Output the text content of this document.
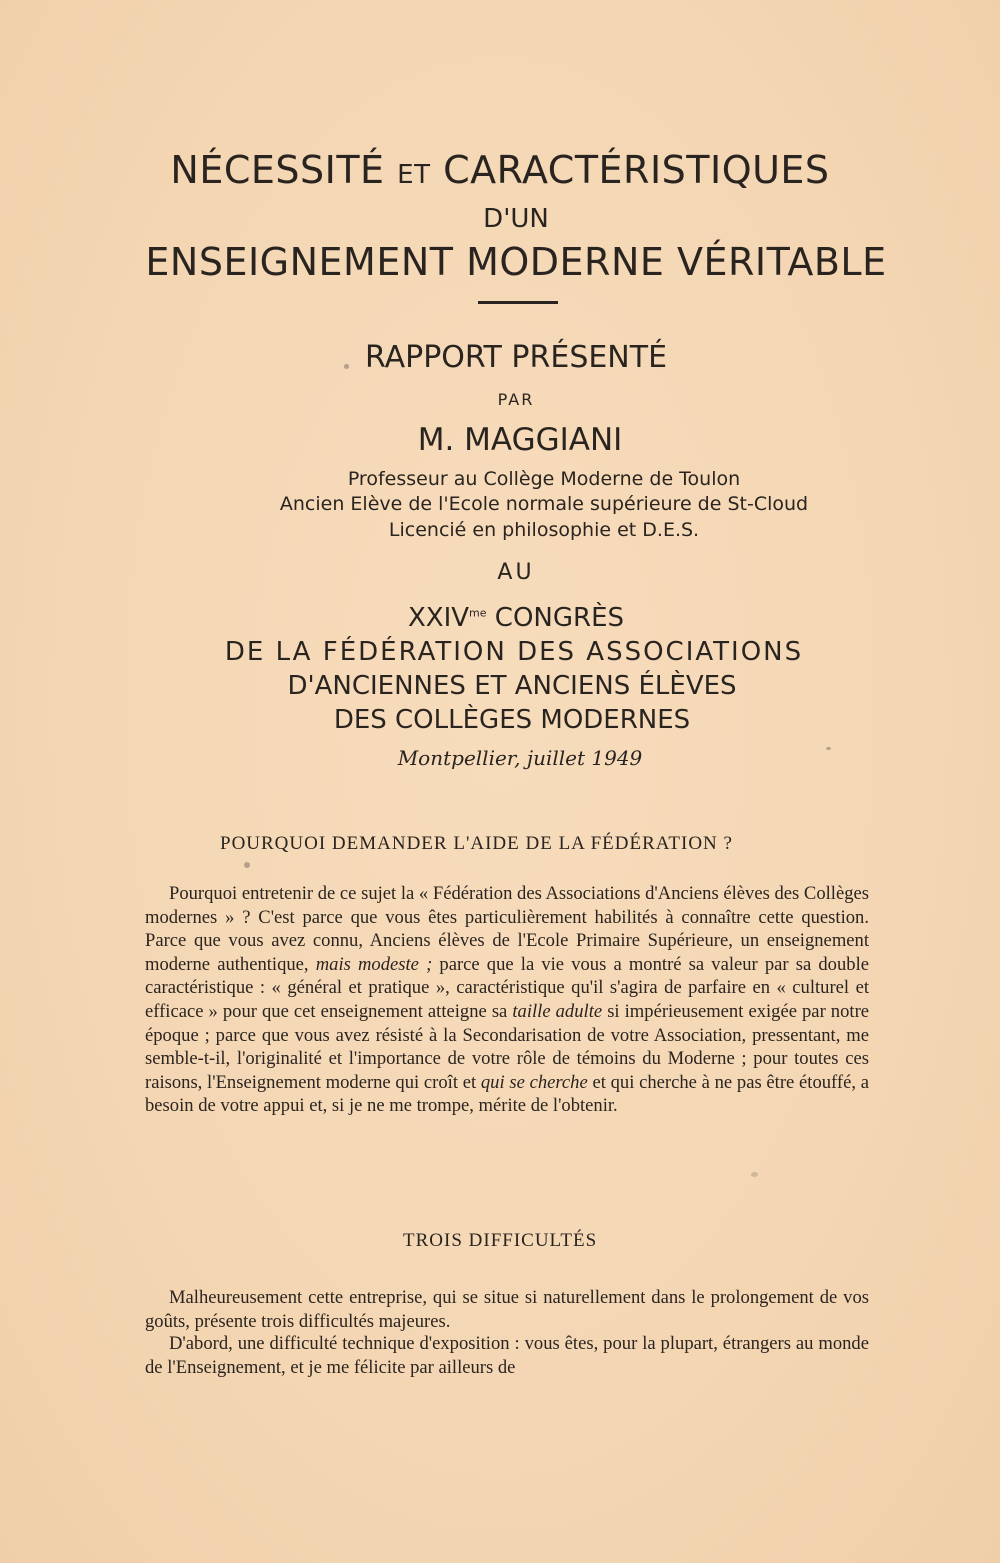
NÉCESSITÉ ET CARACTÉRISTIQUES
D'UN
ENSEIGNEMENT MODERNE VÉRITABLE
RAPPORT PRÉSENTÉ
PAR
M. MAGGIANI
Professeur au Collège Moderne de Toulon
Ancien Elève de l'Ecole normale supérieure de St-Cloud
Licencié en philosophie et D.E.S.
AU
$XXIV^{me}$ CONGRÈS
DE LA FÉDÉRATION DES ASSOCIATIONS
D'ANCIENNES ET ANCIENS ÉLÈVES
DES COLLÈGES MODERNES
Montpellier, juillet 1949
POURQUOI DEMANDER L'AIDE DE LA FÉDÉRATION ?

Pourquoi entretenir de ce sujet la « Fédération des Associations d'Anciens élèves des Collèges modernes » ? C'est parce que vous êtes particulièrement habilités à connaître cette question. Parce que vous avez connu, Anciens élèves de l'Ecole Primaire Supérieure, un enseignement moderne authentique, mais modeste ; parce que la vie vous a montré sa valeur par sa double caractéristique : « général et pratique », caractéristique qu'il s'agira de parfaire en « culturel et efficace » pour que cet enseignement atteigne sa taille adulte si impérieusement exigée par notre époque ; parce que vous avez résisté à la Secondarisation de votre Association, pressentant, me semble-t-il, l'originalité et l'importance de votre rôle de témoins du Moderne ; pour toutes ces raisons, l'Enseignement moderne qui croît et qui se cherche et qui cherche à ne pas être étouffé, a besoin de votre appui et, si je ne me trompe, mérite de l'obtenir.

TROIS DIFFICULTÉS

Malheureusement cette entreprise, qui se situe si naturellement dans le prolongement de vos goûts, présente trois difficultés majeures.

D'abord, une difficulté technique d'exposition : vous êtes, pour la plupart, étrangers au monde de l'Enseignement, et je me félicite par ailleurs de
